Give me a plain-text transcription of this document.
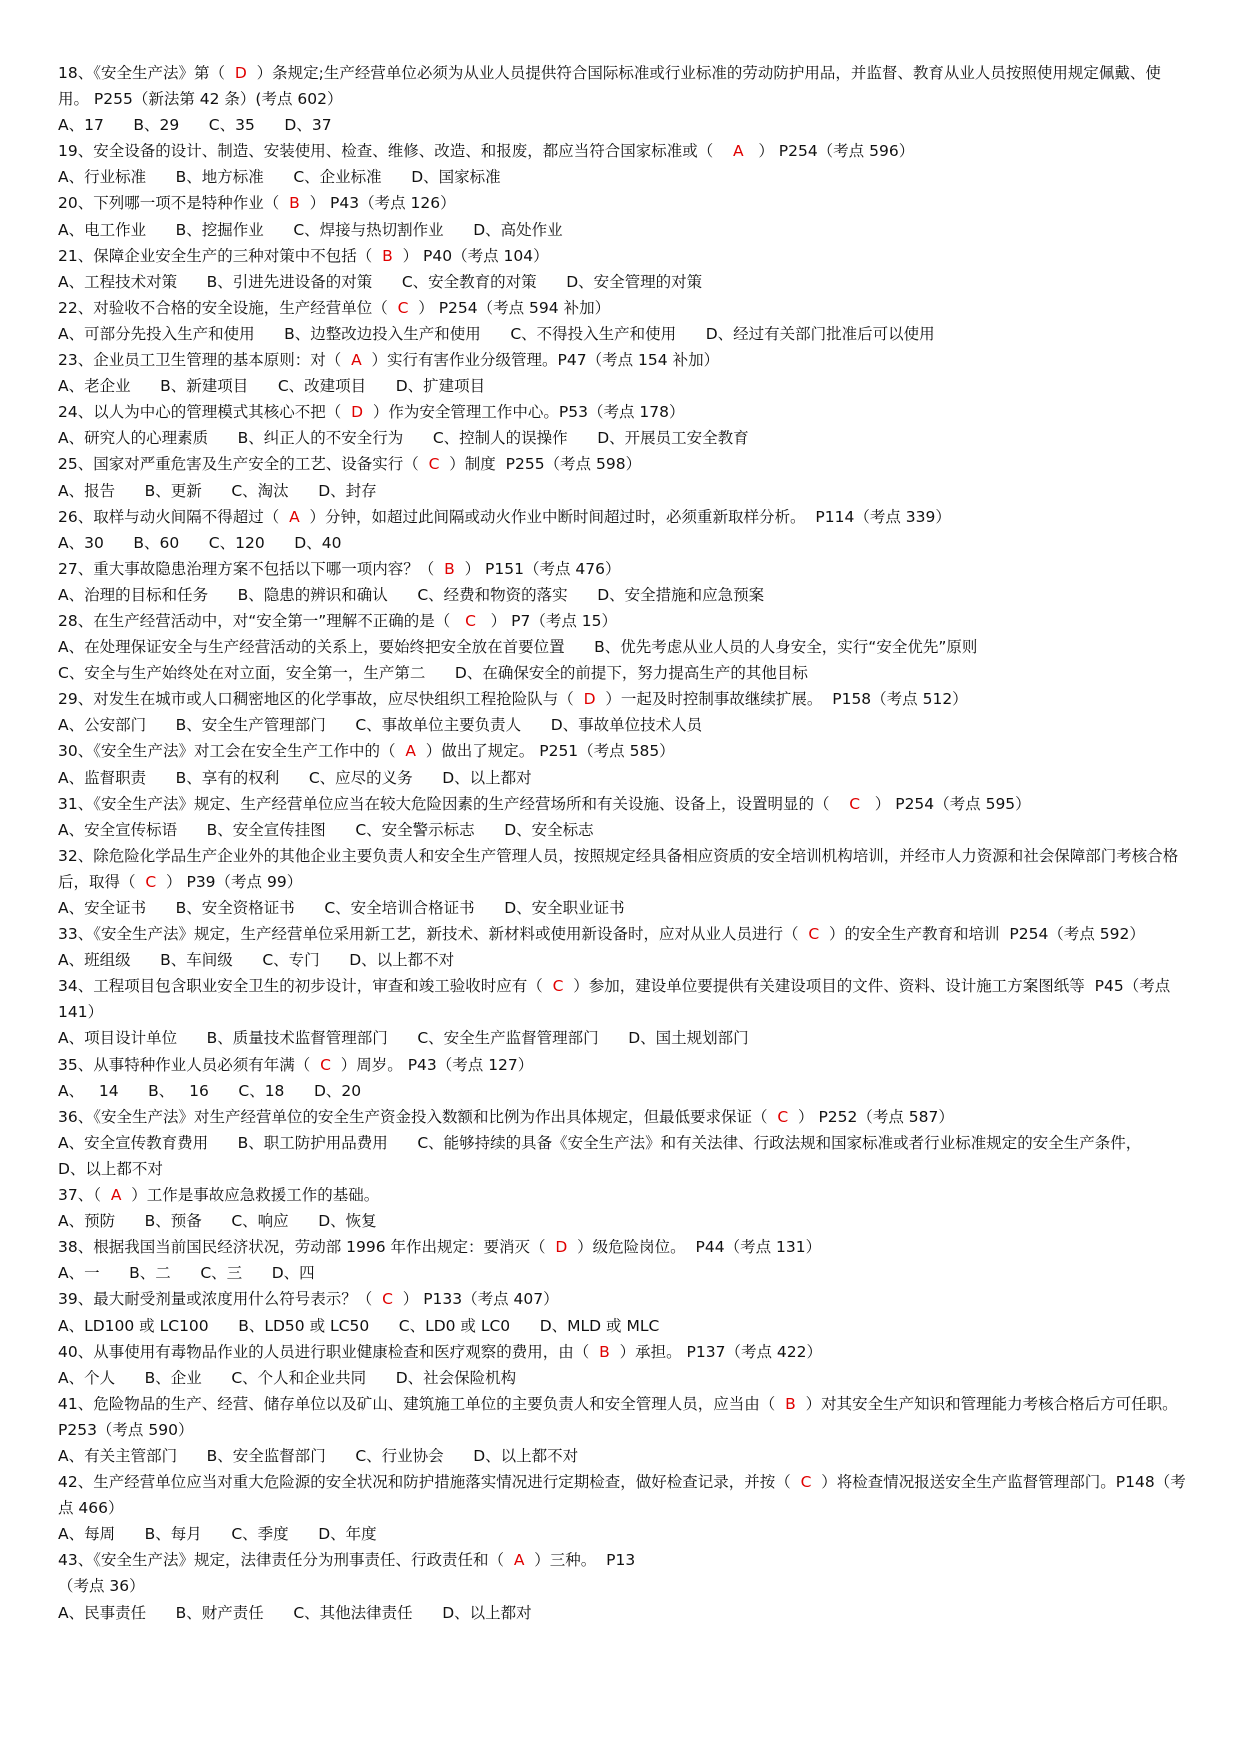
18、《安全生产法》第（  D  ）条规定;生产经营单位必须为从业人员提供符合国际标准或行业标准的劳动防护用品，并监督、教育从业人员按照使用规定佩戴、使用。 P255（新法第 42 条）(考点 602）
A、17      B、29      C、35      D、37
19、安全设备的设计、制造、安装使用、检查、维修、改造、和报废，都应当符合国家标准或（    A   ） P254（考点 596）
A、行业标准      B、地方标准      C、企业标准      D、国家标准
20、下列哪一项不是特种作业（  B  ） P43（考点 126）
A、电工作业      B、挖掘作业      C、焊接与热切割作业      D、高处作业
21、保障企业安全生产的三种对策中不包括（  B  ） P40（考点 104）
A、工程技术对策      B、引进先进设备的对策      C、安全教育的对策      D、安全管理的对策
22、对验收不合格的安全设施，生产经营单位（  C  ） P254（考点 594 补加）
A、可部分先投入生产和使用      B、边整改边投入生产和使用      C、不得投入生产和使用      D、经过有关部门批准后可以使用
23、企业员工卫生管理的基本原则：对（  A  ）实行有害作业分级管理。P47（考点 154 补加）
A、老企业      B、新建项目      C、改建项目      D、扩建项目
24、以人为中心的管理模式其核心不把（  D  ）作为安全管理工作中心。P53（考点 178）
A、研究人的心理素质      B、纠正人的不安全行为      C、控制人的误操作      D、开展员工安全教育
25、国家对严重危害及生产安全的工艺、设备实行（  C  ）制度  P255（考点 598）
A、报告      B、更新      C、淘汰      D、封存
26、取样与动火间隔不得超过（  A  ）分钟，如超过此间隔或动火作业中断时间超过时，必须重新取样分析。  P114（考点 339）
A、30      B、60      C、120      D、40
27、重大事故隐患治理方案不包括以下哪一项内容？（  B  ） P151（考点 476）
A、治理的目标和任务      B、隐患的辨识和确认      C、经费和物资的落实      D、安全措施和应急预案
28、在生产经营活动中，对“安全第一”理解不正确的是（   C   ） P7（考点 15）
A、在处理保证安全与生产经营活动的关系上，要始终把安全放在首要位置      B、优先考虑从业人员的人身安全，实行“安全优先”原则
C、安全与生产始终处在对立面，安全第一，生产第二      D、在确保安全的前提下，努力提高生产的其他目标
29、对发生在城市或人口稠密地区的化学事故，应尽快组织工程抢险队与（  D  ）一起及时控制事故继续扩展。  P158（考点 512）
A、公安部门      B、安全生产管理部门      C、事故单位主要负责人      D、事故单位技术人员
30、《安全生产法》对工会在安全生产工作中的（  A  ）做出了规定。 P251（考点 585）
A、监督职责      B、享有的权利      C、应尽的义务      D、以上都对
31、《安全生产法》规定、生产经营单位应当在较大危险因素的生产经营场所和有关设施、设备上，设置明显的（    C   ） P254（考点 595）
A、安全宣传标语      B、安全宣传挂图      C、安全警示标志      D、安全标志
32、除危险化学品生产企业外的其他企业主要负责人和安全生产管理人员，按照规定经具备相应资质的安全培训机构培训，并经市人力资源和社会保障部门考核合格后，取得（  C  ） P39（考点 99）
A、安全证书      B、安全资格证书      C、安全培训合格证书      D、安全职业证书
33、《安全生产法》规定，生产经营单位采用新工艺，新技术、新材料或使用新设备时，应对从业人员进行（  C  ）的安全生产教育和培训  P254（考点 592）
A、班组级      B、车间级      C、专门      D、以上都不对
34、工程项目包含职业安全卫生的初步设计，审查和竣工验收时应有（  C  ）参加，建设单位要提供有关建设项目的文件、资料、设计施工方案图纸等  P45（考点 141）
A、项目设计单位      B、质量技术监督管理部门      C、安全生产监督管理部门      D、国土规划部门
35、从事特种作业人员必须有年满（  C  ）周岁。 P43（考点 127）
A、   14      B、   16      C、18      D、20
36、《安全生产法》对生产经营单位的安全生产资金投入数额和比例为作出具体规定，但最低要求保证（  C  ） P252（考点 587）
A、安全宣传教育费用      B、职工防护用品费用      C、能够持续的具备《安全生产法》和有关法律、行政法规和国家标准或者行业标准规定的安全生产条件，      D、以上都不对
37、（  A  ）工作是事故应急救援工作的基础。
A、预防      B、预备      C、响应      D、恢复
38、根据我国当前国民经济状况，劳动部 1996 年作出规定：要消灭（  D  ）级危险岗位。  P44（考点 131）
A、一      B、二      C、三      D、四
39、最大耐受剂量或浓度用什么符号表示？（  C  ） P133（考点 407）
A、LD100 或 LC100      B、LD50 或 LC50      C、LD0 或 LC0      D、MLD 或 MLC
40、从事使用有毒物品作业的人员进行职业健康检查和医疗观察的费用，由（  B  ）承担。 P137（考点 422）
A、个人      B、企业      C、个人和企业共同      D、社会保险机构
41、危险物品的生产、经营、储存单位以及矿山、建筑施工单位的主要负责人和安全管理人员，应当由（  B  ）对其安全生产知识和管理能力考核合格后方可任职。 P253（考点 590）
A、有关主管部门      B、安全监督部门      C、行业协会      D、以上都不对
42、生产经营单位应当对重大危险源的安全状况和防护措施落实情况进行定期检查，做好检查记录，并按（  C  ）将检查情况报送安全生产监督管理部门。P148（考点 466）
A、每周      B、每月      C、季度      D、年度
43、《安全生产法》规定，法律责任分为刑事责任、行政责任和（  A  ）三种。  P13
（考点 36）
A、民事责任      B、财产责任      C、其他法律责任      D、以上都对
